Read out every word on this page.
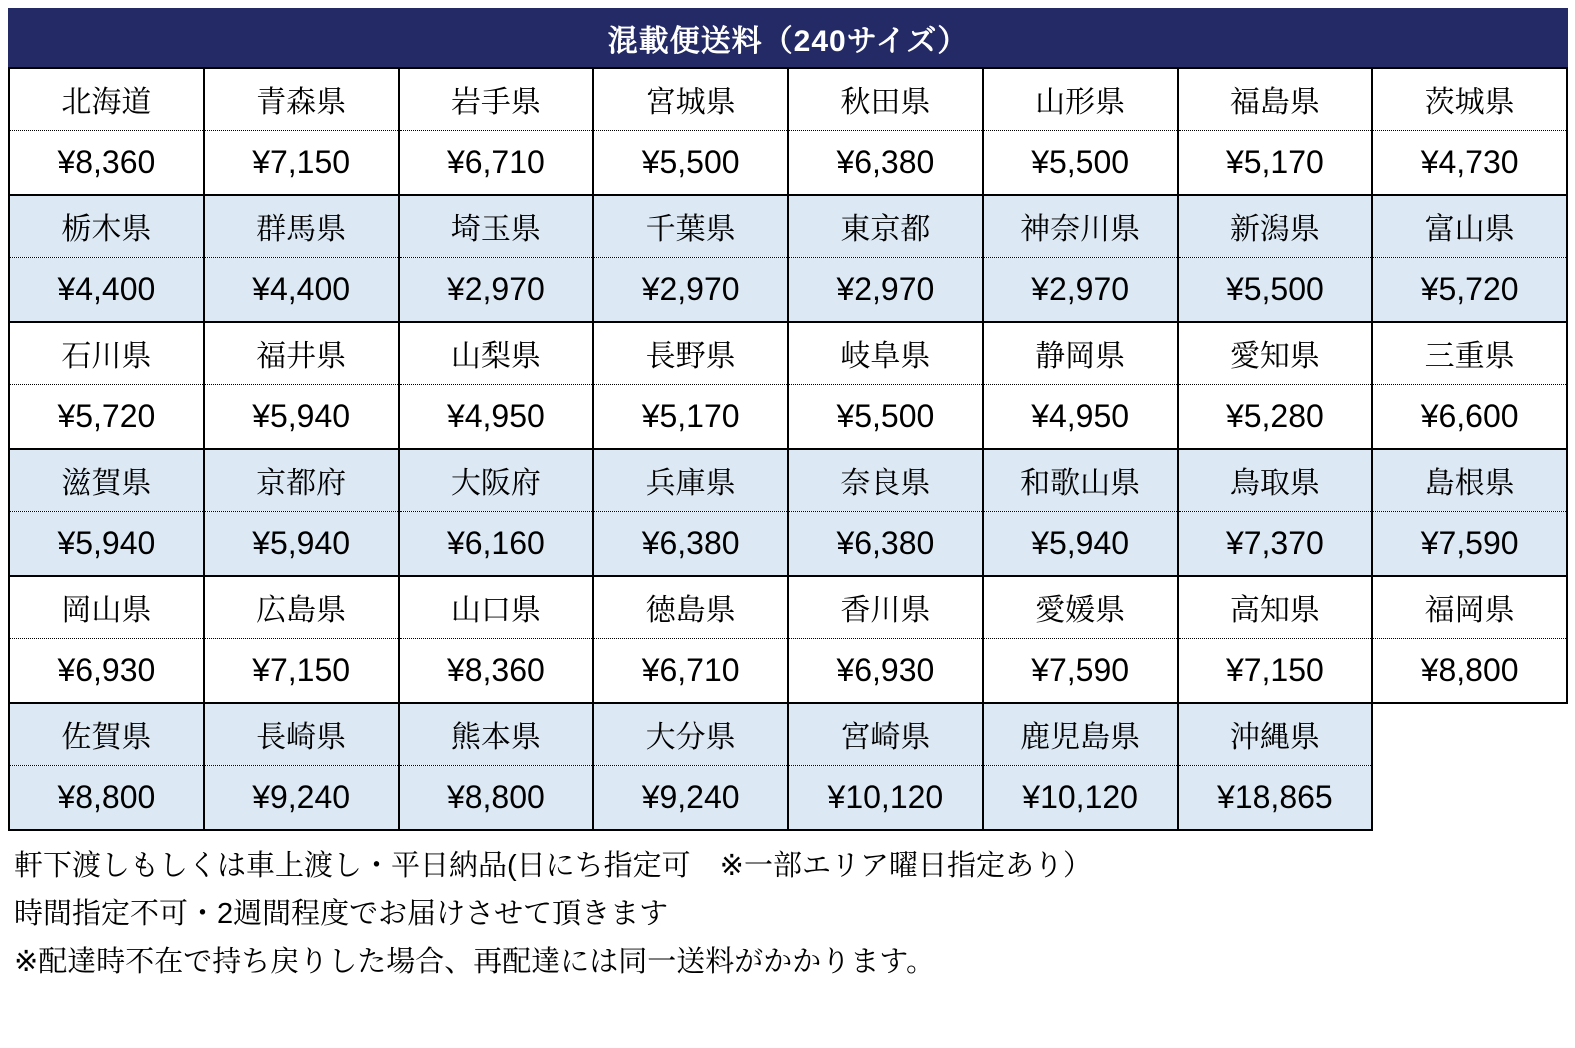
混載便送料（240サイズ）
北海道	青森県	岩手県	宮城県	秋田県	山形県	福島県	茨城県
¥8,360	¥7,150	¥6,710	¥5,500	¥6,380	¥5,500	¥5,170	¥4,730
栃木県	群馬県	埼玉県	千葉県	東京都	神奈川県	新潟県	富山県
¥4,400	¥4,400	¥2,970	¥2,970	¥2,970	¥2,970	¥5,500	¥5,720
石川県	福井県	山梨県	長野県	岐阜県	静岡県	愛知県	三重県
¥5,720	¥5,940	¥4,950	¥5,170	¥5,500	¥4,950	¥5,280	¥6,600
滋賀県	京都府	大阪府	兵庫県	奈良県	和歌山県	鳥取県	島根県
¥5,940	¥5,940	¥6,160	¥6,380	¥6,380	¥5,940	¥7,370	¥7,590
岡山県	広島県	山口県	徳島県	香川県	愛媛県	高知県	福岡県
¥6,930	¥7,150	¥8,360	¥6,710	¥6,930	¥7,590	¥7,150	¥8,800
佐賀県	長崎県	熊本県	大分県	宮崎県	鹿児島県	沖縄県	
¥8,800	¥9,240	¥8,800	¥9,240	¥10,120	¥10,120	¥18,865	

軒下渡しもしくは車上渡し・平日納品(日にち指定可　※一部エリア曜日指定あり）

時間指定不可・2週間程度でお届けさせて頂きます

※配達時不在で持ち戻りした場合、再配達には同一送料がかかります。
